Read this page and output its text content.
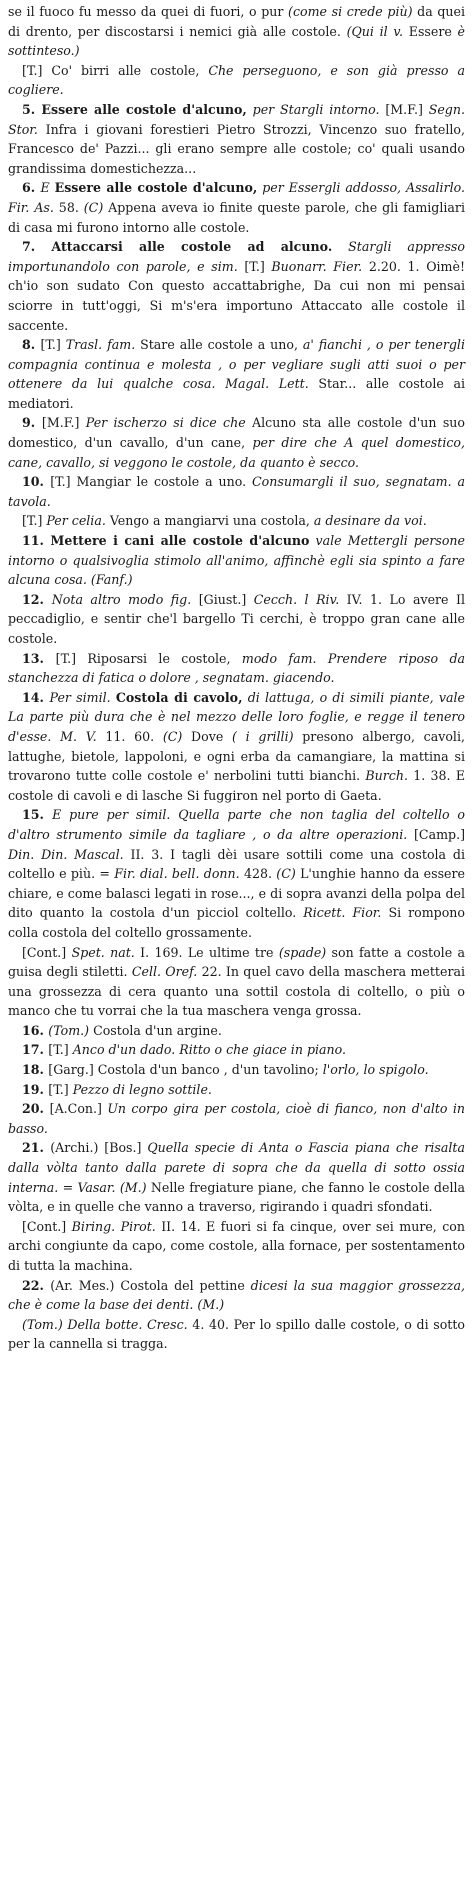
se il fuoco fu messo da quei di fuori, o pur (come si crede più) da quei di drento, per discostarsi i nemici già alle costole. (Qui il v. Essere è sottinteso.)

[T.] Co' birri alle costole, Che perseguono, e son già presso a cogliere.

5. Essere alle costole d'alcuno, per Stargli intorno. [M.F.] Segn. Stor. Infra i giovani forestieri Pietro Strozzi, Vincenzo suo fratello, Francesco de' Pazzi... gli erano sempre alle costole; co' quali usando grandissima domestichezza...

6. E Essere alle costole d'alcuno, per Essergli addosso, Assalirlo. Fir. As. 58. (C) Appena aveva io finite queste parole, che gli famigliari di casa mi furono intorno alle costole.

7. Attaccarsi alle costole ad alcuno. Stargli appresso importunandolo con parole, e sim. [T.] Buonarr. Fier. 2.20. 1. Oimè! ch'io son sudato Con questo accattabrighe, Da cui non mi pensai sciorre in tutt'oggi, Si m's'era importuno Attaccato alle costole il saccente.

8. [T.] Trasl. fam. Stare alle costole a uno, a' fianchi , o per tenergli compagnia continua e molesta , o per vegliare sugli atti suoi o per ottenere da lui qualche cosa. Magal. Lett. Star... alle costole ai mediatori.

9. [M.F.] Per ischerzo si dice che Alcuno sta alle costole d'un suo domestico, d'un cavallo, d'un cane, per dire che A quel domestico, cane, cavallo, si veggono le costole, da quanto è secco.

10. [T.] Mangiar le costole a uno. Consumargli il suo, segnatam. a tavola.

[T.] Per celia. Vengo a mangiarvi una costola, a desinare da voi.

11. Mettere i cani alle costole d'alcuno vale Mettergli persone intorno o qualsivoglia stimolo all'animo, affinchè egli sia spinto a fare alcuna cosa. (Fanf.)

12. Nota altro modo fig. [Giust.] Cecch. l Riv. IV. 1. Lo avere Il peccadiglio, e sentir che'l bargello Ti cerchi, è troppo gran cane alle costole.

13. [T.] Riposarsi le costole, modo fam. Prendere riposo da stanchezza di fatica o dolore , segnatam. giacendo.

14. Per simil. Costola di cavolo, di lattuga, o di simili piante, vale La parte più dura che è nel mezzo delle loro foglie, e regge il tenero d'esse. M. V. 11. 60. (C) Dove ( i grilli) presono albergo, cavoli, lattughe, bietole, lappoloni, e ogni erba da camangiare, la mattina si trovarono tutte colle costole e' nerbolini tutti bianchi. Burch. 1. 38. E costole di cavoli e di lasche Si fuggiron nel porto di Gaeta.

15. E pure per simil. Quella parte che non taglia del coltello o d'altro strumento simile da tagliare , o da altre operazioni. [Camp.] Din. Din. Mascal. II. 3. I tagli dèi usare sottili come una costola di coltello e più. = Fir. dial. bell. donn. 428. (C) L'unghie hanno da essere chiare, e come balasci legati in rose..., e di sopra avanzi della polpa del dito quanto la costola d'un picciol coltello. Ricett. Fior. Si rompono colla costola del coltello grossamente.

[Cont.] Spet. nat. I. 169. Le ultime tre (spade) son fatte a costole a guisa degli stiletti. Cell. Oref. 22. In quel cavo della maschera metterai una grossezza di cera quanto una sottil costola di coltello, o più o manco che tu vorrai che la tua maschera venga grossa.

16. (Tom.) Costola d'un argine.

17. [T.] Anco d'un dado. Ritto o che giace in piano.

18. [Garg.] Costola d'un banco , d'un tavolino; l'orlo, lo spigolo.

19. [T.] Pezzo di legno sottile.

20. [A.Con.] Un corpo gira per costola, cioè di fianco, non d'alto in basso.

21. (Archi.) [Bos.] Quella specie di Anta o Fascia piana che risalta dalla vòlta tanto dalla parete di sopra che da quella di sotto ossia interna. = Vasar. (M.) Nelle fregiature piane, che fanno le costole della vòlta, e in quelle che vanno a traverso, rigirando i quadri sfondati.

[Cont.] Biring. Pirot. II. 14. E fuori si fa cinque, over sei mure, con archi congiunte da capo, come costole, alla fornace, per sostentamento di tutta la machina.

22. (Ar. Mes.) Costola del pettine dicesi la sua maggior grossezza, che è come la base dei denti. (M.)

(Tom.) Della botte. Cresc. 4. 40. Per lo spillo dalle costole, o di sotto per la cannella si tragga.
